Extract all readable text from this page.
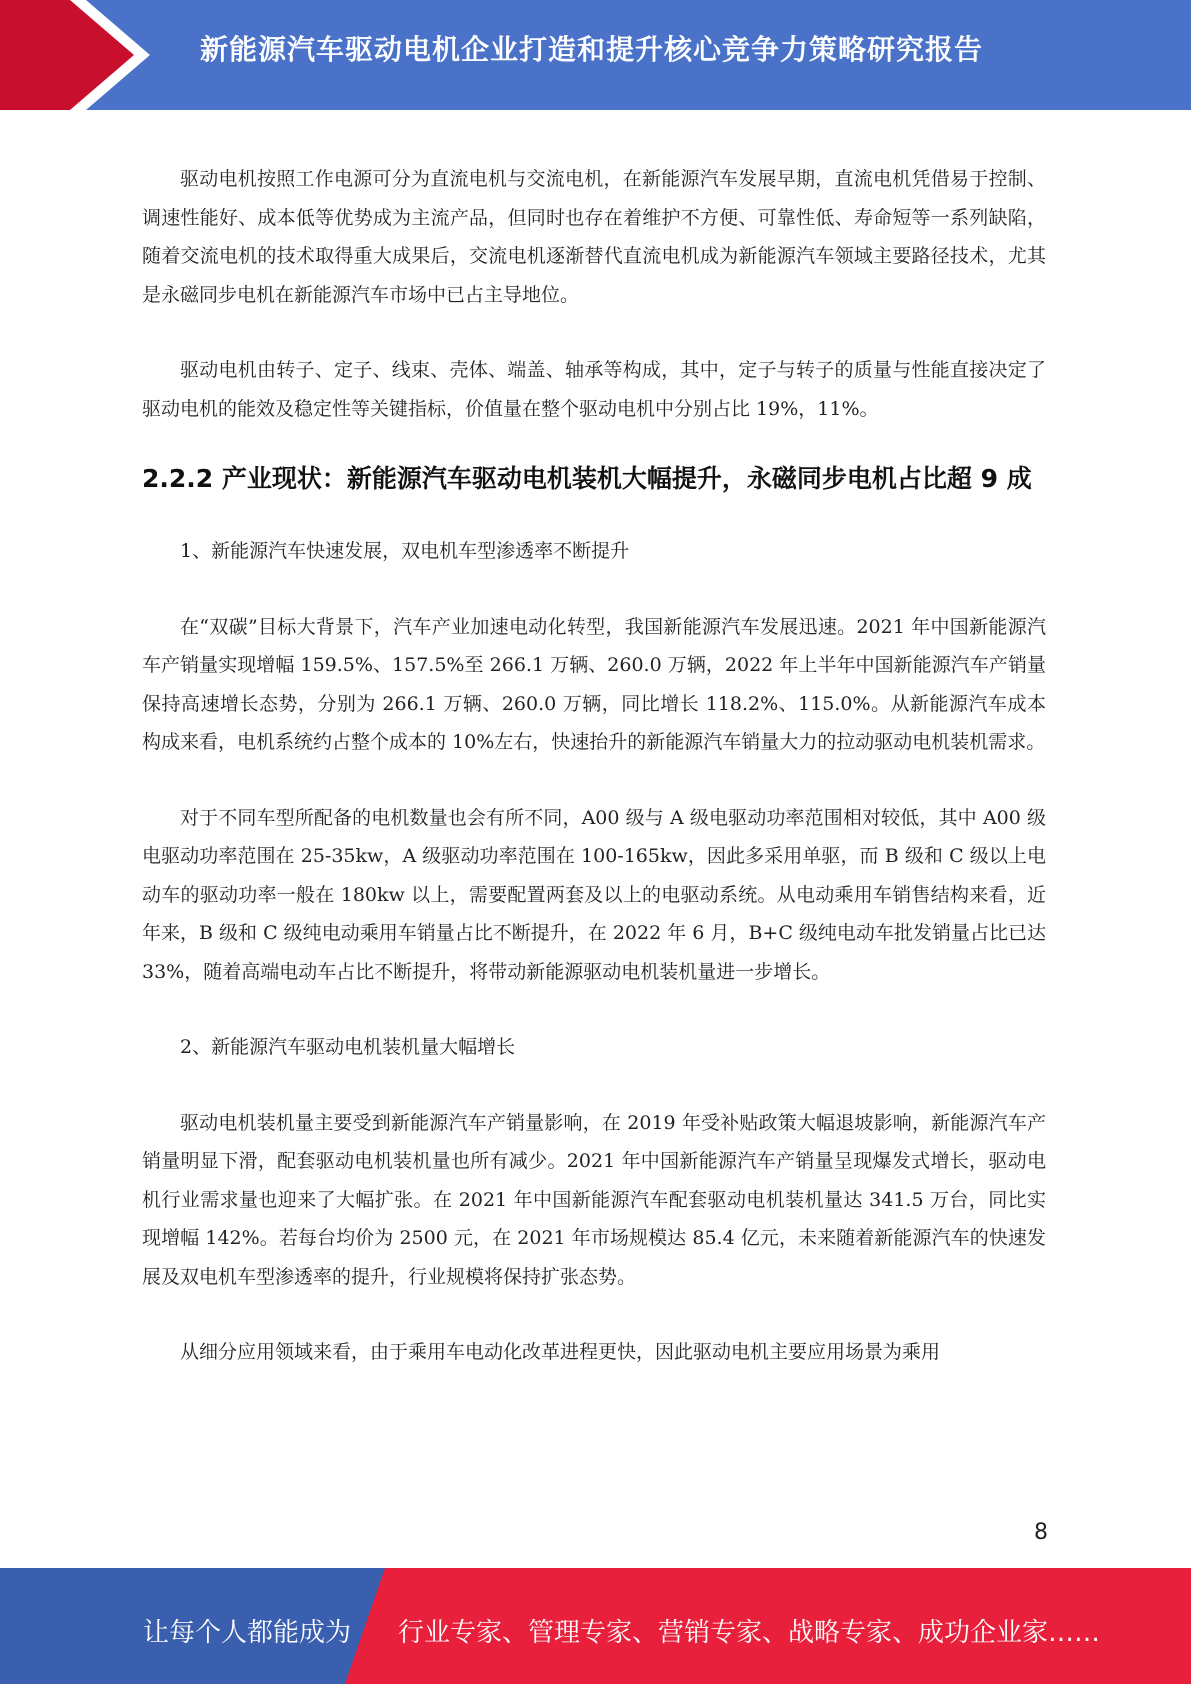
新能源汽车驱动电机企业打造和提升核心竞争力策略研究报告

驱动电机按照工作电源可分为直流电机与交流电机，在新能源汽车发展早期，直流电机凭借易于控制、调速性能好、成本低等优势成为主流产品，但同时也存在着维护不方便、可靠性低、寿命短等一系列缺陷，随着交流电机的技术取得重大成果后，交流电机逐渐替代直流电机成为新能源汽车领域主要路径技术，尤其是永磁同步电机在新能源汽车市场中已占主导地位。

驱动电机由转子、定子、线束、壳体、端盖、轴承等构成，其中，定子与转子的质量与性能直接决定了驱动电机的能效及稳定性等关键指标，价值量在整个驱动电机中分别占比 19%，11%。

2.2.2 产业现状：新能源汽车驱动电机装机大幅提升，永磁同步电机占比超 9 成

1、新能源汽车快速发展，双电机车型渗透率不断提升

在“双碳”目标大背景下，汽车产业加速电动化转型，我国新能源汽车发展迅速。2021 年中国新能源汽车产销量实现增幅 159.5%、157.5%至 266.1 万辆、260.0 万辆，2022 年上半年中国新能源汽车产销量保持高速增长态势，分别为 266.1 万辆、260.0 万辆，同比增长 118.2%、115.0%。从新能源汽车成本构成来看，电机系统约占整个成本的 10%左右，快速抬升的新能源汽车销量大力的拉动驱动电机装机需求。

对于不同车型所配备的电机数量也会有所不同，A00 级与 A 级电驱动功率范围相对较低，其中 A00 级电驱动功率范围在 25-35kw，A 级驱动功率范围在 100-165kw，因此多采用单驱，而 B 级和 C 级以上电动车的驱动功率一般在 180kw 以上，需要配置两套及以上的电驱动系统。从电动乘用车销售结构来看，近年来，B 级和 C 级纯电动乘用车销量占比不断提升，在 2022 年 6 月，B+C 级纯电动车批发销量占比已达 33%，随着高端电动车占比不断提升，将带动新能源驱动电机装机量进一步增长。

2、新能源汽车驱动电机装机量大幅增长

驱动电机装机量主要受到新能源汽车产销量影响，在 2019 年受补贴政策大幅退坡影响，新能源汽车产销量明显下滑，配套驱动电机装机量也所有减少。2021 年中国新能源汽车产销量呈现爆发式增长，驱动电机行业需求量也迎来了大幅扩张。在 2021 年中国新能源汽车配套驱动电机装机量达 341.5 万台，同比实现增幅 142%。若每台均价为 2500 元，在 2021 年市场规模达 85.4 亿元，未来随着新能源汽车的快速发展及双电机车型渗透率的提升，行业规模将保持扩张态势。

从细分应用领域来看，由于乘用车电动化改革进程更快，因此驱动电机主要应用场景为乘用

8
让每个人都能成为 行业专家、管理专家、营销专家、战略专家、成功企业家……
